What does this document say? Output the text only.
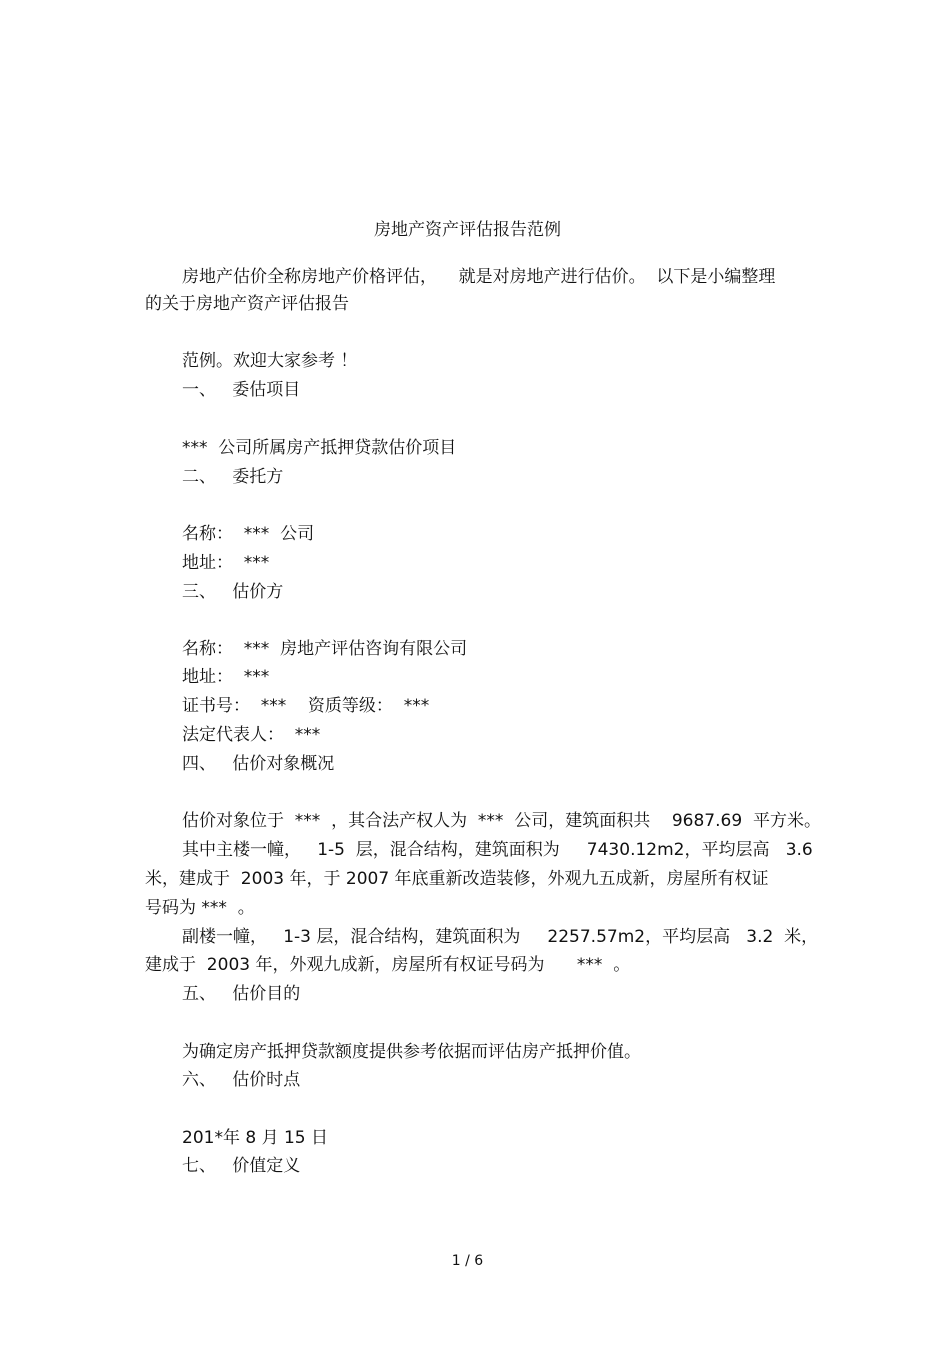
房地产资产评估报告范例
房地产估价全称房地产价格评估，    就是对房地产进行估价。  以下是小编整理
的关于房地产资产评估报告
范例。欢迎大家参考 ！
一、   委估项目
***  公司所属房产抵押贷款估价项目
二、   委托方
名称：  ***  公司
地址：  ***
三、   估价方
名称：  ***  房地产评估咨询有限公司
地址：  ***
证书号：  ***    资质等级：  ***
法定代表人：  ***
四、   估价对象概况
估价对象位于  ***  ，其合法产权人为  ***  公司，建筑面积共    9687.69  平方米。
其中主楼一幢，   1-5  层，混合结构，建筑面积为     7430.12m2，平均层高   3.6
米，建成于  2003 年，于 2007 年底重新改造装修，外观九五成新，房屋所有权证
号码为 ***  。
副楼一幢，   1-3 层，混合结构，建筑面积为     2257.57m2，平均层高   3.2  米，
建成于  2003 年，外观九成新，房屋所有权证号码为      ***  。
五、   估价目的
为确定房产抵押贷款额度提供参考依据而评估房产抵押价值。
六、   估价时点
201*年 8 月 15 日
七、   价值定义
1 / 6
